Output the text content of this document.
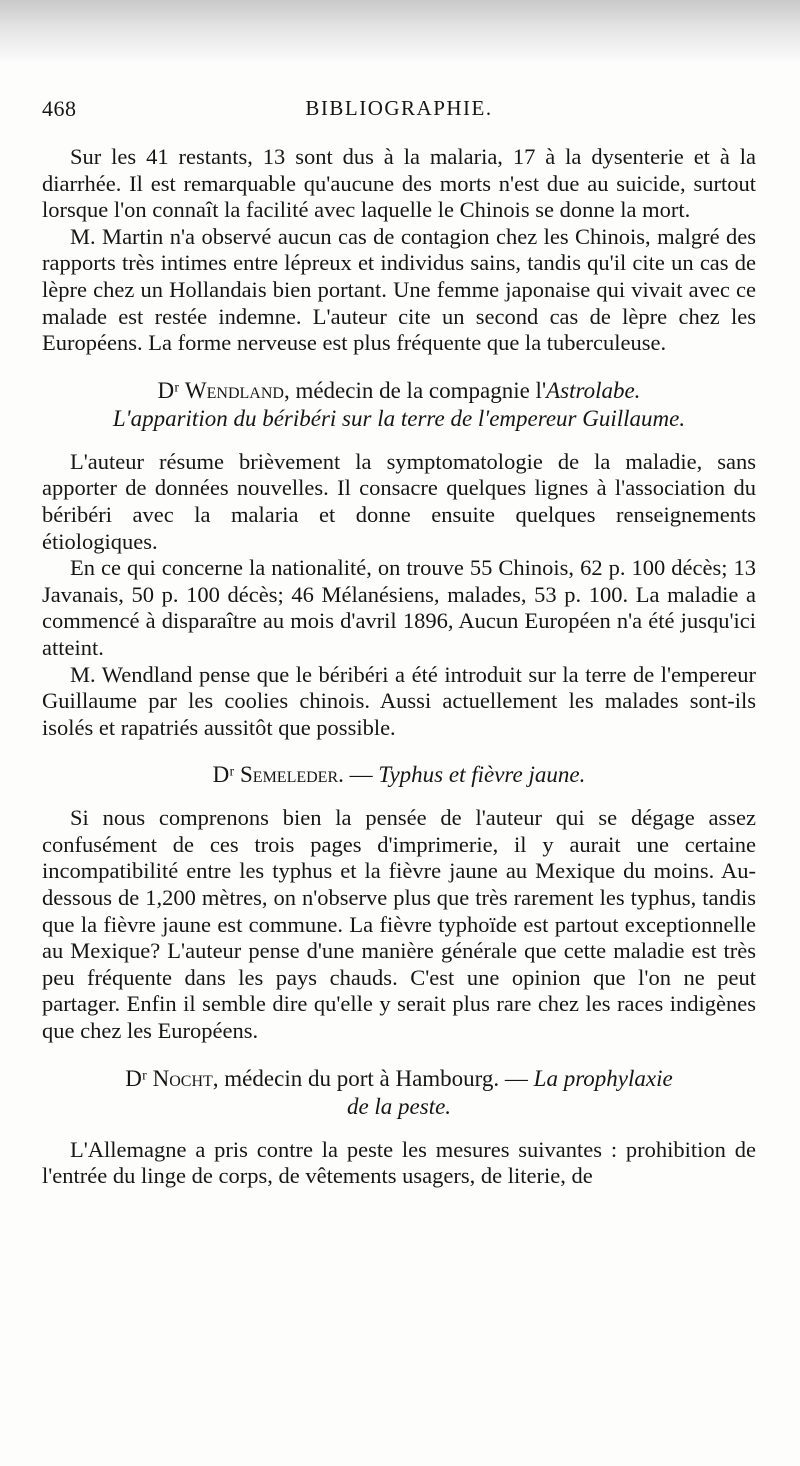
468	BIBLIOGRAPHIE.

Sur les 41 restants, 13 sont dus à la malaria, 17 à la dysenterie et à la diarrhée. Il est remarquable qu'aucune des morts n'est due au suicide, surtout lorsque l'on connaît la facilité avec laquelle le Chinois se donne la mort.

M. Martin n'a observé aucun cas de contagion chez les Chinois, malgré des rapports très intimes entre lépreux et individus sains, tandis qu'il cite un cas de lèpre chez un Hollandais bien portant. Une femme japonaise qui vivait avec ce malade est restée indemne. L'auteur cite un second cas de lèpre chez les Européens. La forme nerveuse est plus fréquente que la tuberculeuse.

Dʳ Wendland, médecin de la compagnie l'Astrolabe.
L'apparition du béribéri sur la terre de l'empereur Guillaume.

L'auteur résume brièvement la symptomatologie de la maladie, sans apporter de données nouvelles. Il consacre quelques lignes à l'association du béribéri avec la malaria et donne ensuite quelques renseignements étiologiques.

En ce qui concerne la nationalité, on trouve 55 Chinois, 62 p. 100 décès; 13 Javanais, 50 p. 100 décès; 46 Mélanésiens, malades, 53 p. 100. La maladie a commencé à disparaître au mois d'avril 1896, Aucun Européen n'a été jusqu'ici atteint.

M. Wendland pense que le béribéri a été introduit sur la terre de l'empereur Guillaume par les coolies chinois. Aussi actuellement les malades sont-ils isolés et rapatriés aussitôt que possible.

Dʳ Semeleder. — Typhus et fièvre jaune.

Si nous comprenons bien la pensée de l'auteur qui se dégage assez confusément de ces trois pages d'imprimerie, il y aurait une certaine incompatibilité entre les typhus et la fièvre jaune au Mexique du moins. Au-dessous de 1,200 mètres, on n'observe plus que très rarement les typhus, tandis que la fièvre jaune est commune. La fièvre typhoïde est partout exceptionnelle au Mexique? L'auteur pense d'une manière générale que cette maladie est très peu fréquente dans les pays chauds. C'est une opinion que l'on ne peut partager. Enfin il semble dire qu'elle y serait plus rare chez les races indigènes que chez les Européens.

Dʳ Nocht, médecin du port à Hambourg. — La prophylaxie
de la peste.

L'Allemagne a pris contre la peste les mesures suivantes : prohibition de l'entrée du linge de corps, de vêtements usagers, de literie, de
